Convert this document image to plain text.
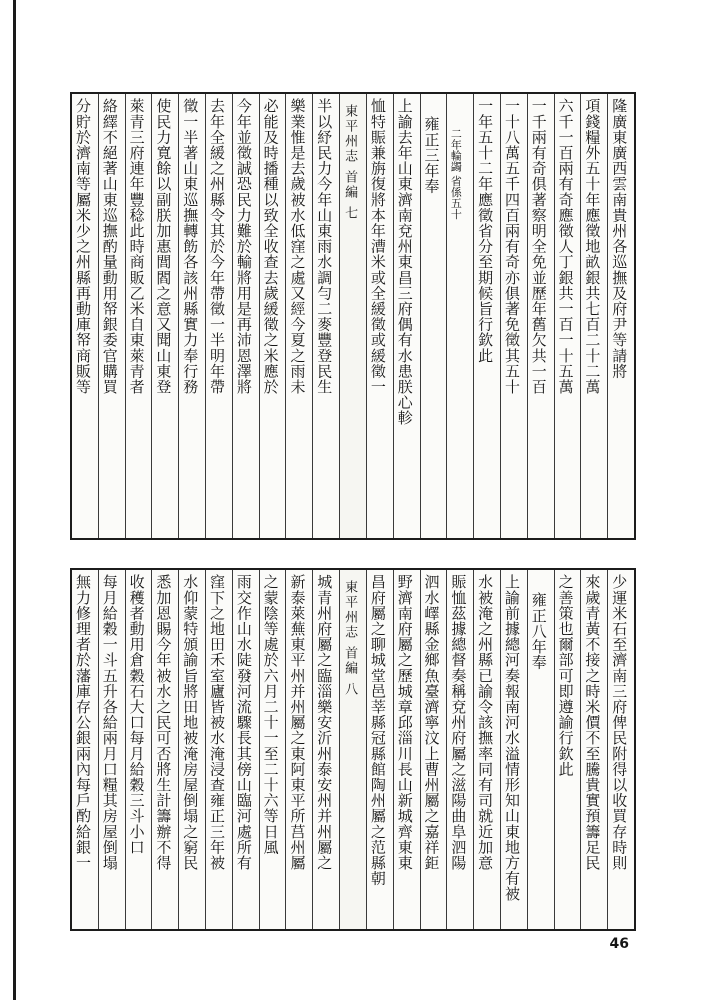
隆廣東廣西雲南貴州各巡撫及府尹等請將
項錢糧外五十年應徵地畝銀共七百二十二萬
六千一百兩有奇應徵人丁銀共一百一十五萬
一千兩有奇俱著察明全免並歷年舊欠共一百
一十八萬五千四百兩有奇亦俱著免徵其五十
一年五十二年應徵省分至期候旨行欽此
二年輪蠲 省係五十
雍正三年奉
上諭去年山東濟南兗州東昌三府偶有水患朕心軫
恤特賑兼旃復將本年漕米或全緩徵或緩徵一
東平州志 首編 七
半以紓民力今年山東雨水調勻二麥豐登民生
樂業惟是去歲被水低窪之處又經今夏之雨未
必能及時播種以致全收查去歲緩徵之米應於
今年並徵誠恐民力難於輸將用是再沛恩澤將
去年全緩之州縣令其於今年帶徵一半明年帶
徵一半著山東巡撫轉飭各該州縣實力奉行務
使民力寬餘以副朕加惠閭閻之意又聞山東登
萊青三府連年豐稔此時商販乙米自東萊青者
絡繹不絕著山東巡撫酌量動用帑銀委官購買
分貯於濟南等屬米少之州縣再動庫帑商販等
少運米石至濟南三府俾民附得以收買存時則
來歲青黃不接之時米價不至騰貴實預籌足民
之善策也爾部可即遵諭行欽此
雍正八年奉
上諭前據總河奏報南河水溢情形知山東地方有被
水被淹之州縣已諭令該撫率同有司就近加意
賑恤茲據總督奏稱兗州府屬之滋陽曲阜泗陽
泗水嶧縣金鄉魚臺濟寧汶上曹州屬之嘉祥鉅
野濟南府屬之歷城章邱淄川長山新城齊東東
昌府屬之聊城堂邑莘縣冠縣館陶州屬之范縣朝
東平州志 首編 八
城青州府屬之臨淄樂安沂州泰安州并州屬之
新泰萊蕪東平州并州屬之東阿東平所莒州屬
之蒙陰等處於六月二十一至二十六等日風
雨交作山水陡發河流驟長其傍山臨河處所有
窪下之地田禾室廬皆被水淹浸查雍正三年被
水仰蒙特頒諭旨將田地被淹房屋倒塌之窮民
悉加恩賜今年被水之民可否將生計籌辦不得
收穫者動用倉穀石大口每月給穀三斗小口
每月給穀一斗五升各給兩月口糧其房屋倒塌
無力修理者於藩庫存公銀兩內每戶酌給銀一
46
